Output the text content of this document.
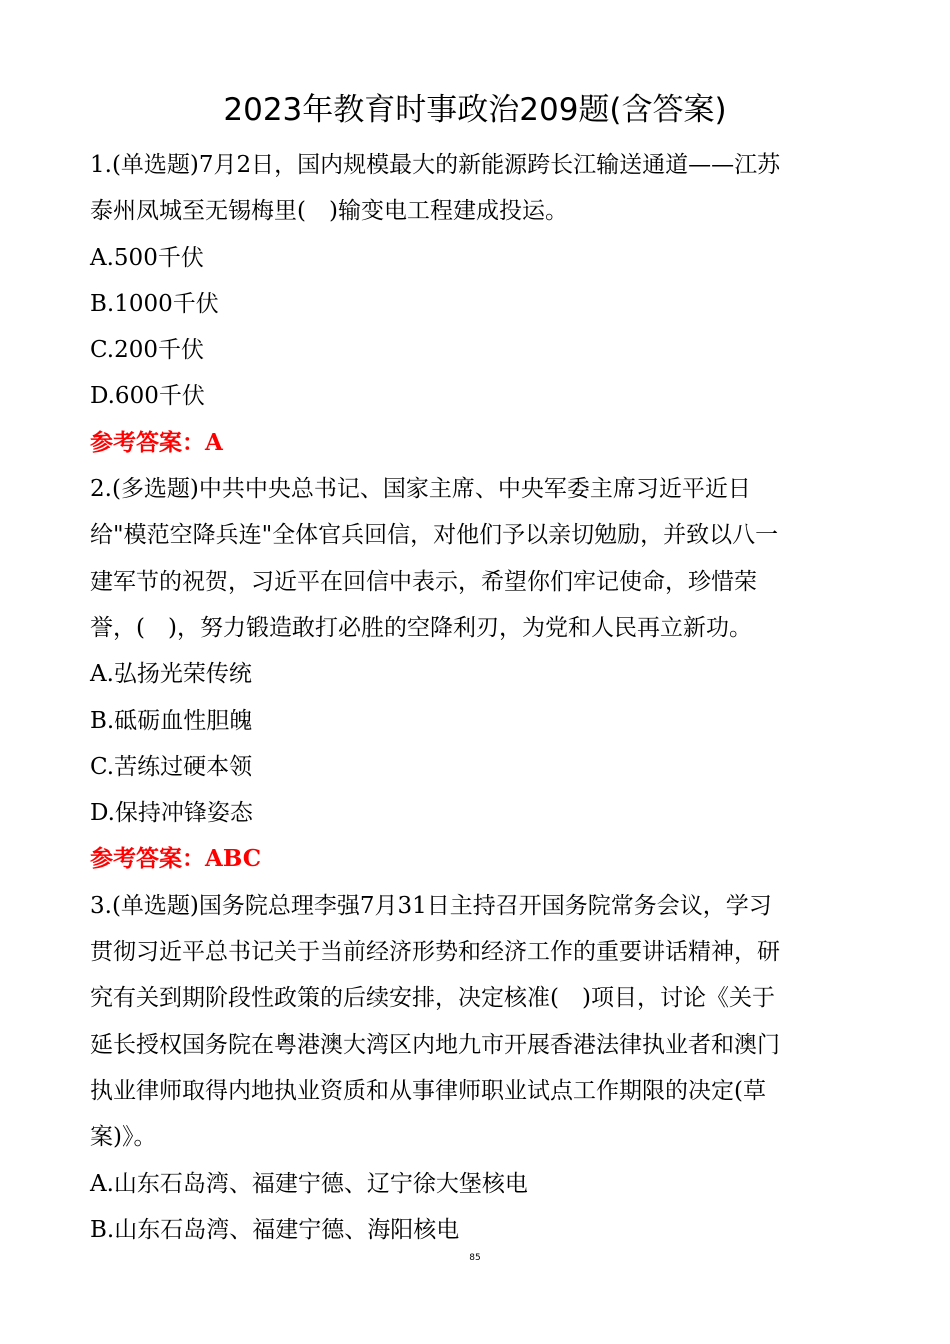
2023年教育时事政治209题(含答案)
1.(单选题)7月2日，国内规模最大的新能源跨长江输送通道——江苏
泰州凤城至无锡梅里(　)输变电工程建成投运。
A.500千伏
B.1000千伏
C.200千伏
D.600千伏
参考答案：A
2.(多选题)中共中央总书记、国家主席、中央军委主席习近平近日
给"模范空降兵连"全体官兵回信，对他们予以亲切勉励，并致以八一
建军节的祝贺，习近平在回信中表示，希望你们牢记使命，珍惜荣
誉，(　)，努力锻造敢打必胜的空降利刃，为党和人民再立新功。
A.弘扬光荣传统
B.砥砺血性胆魄
C.苦练过硬本领
D.保持冲锋姿态
参考答案：ABC
3.(单选题)国务院总理李强7月31日主持召开国务院常务会议，学习
贯彻习近平总书记关于当前经济形势和经济工作的重要讲话精神，研
究有关到期阶段性政策的后续安排，决定核准(　)项目，讨论《关于
延长授权国务院在粤港澳大湾区内地九市开展香港法律执业者和澳门
执业律师取得内地执业资质和从事律师职业试点工作期限的决定(草
案)》。
A.山东石岛湾、福建宁德、辽宁徐大堡核电
B.山东石岛湾、福建宁德、海阳核电
85
